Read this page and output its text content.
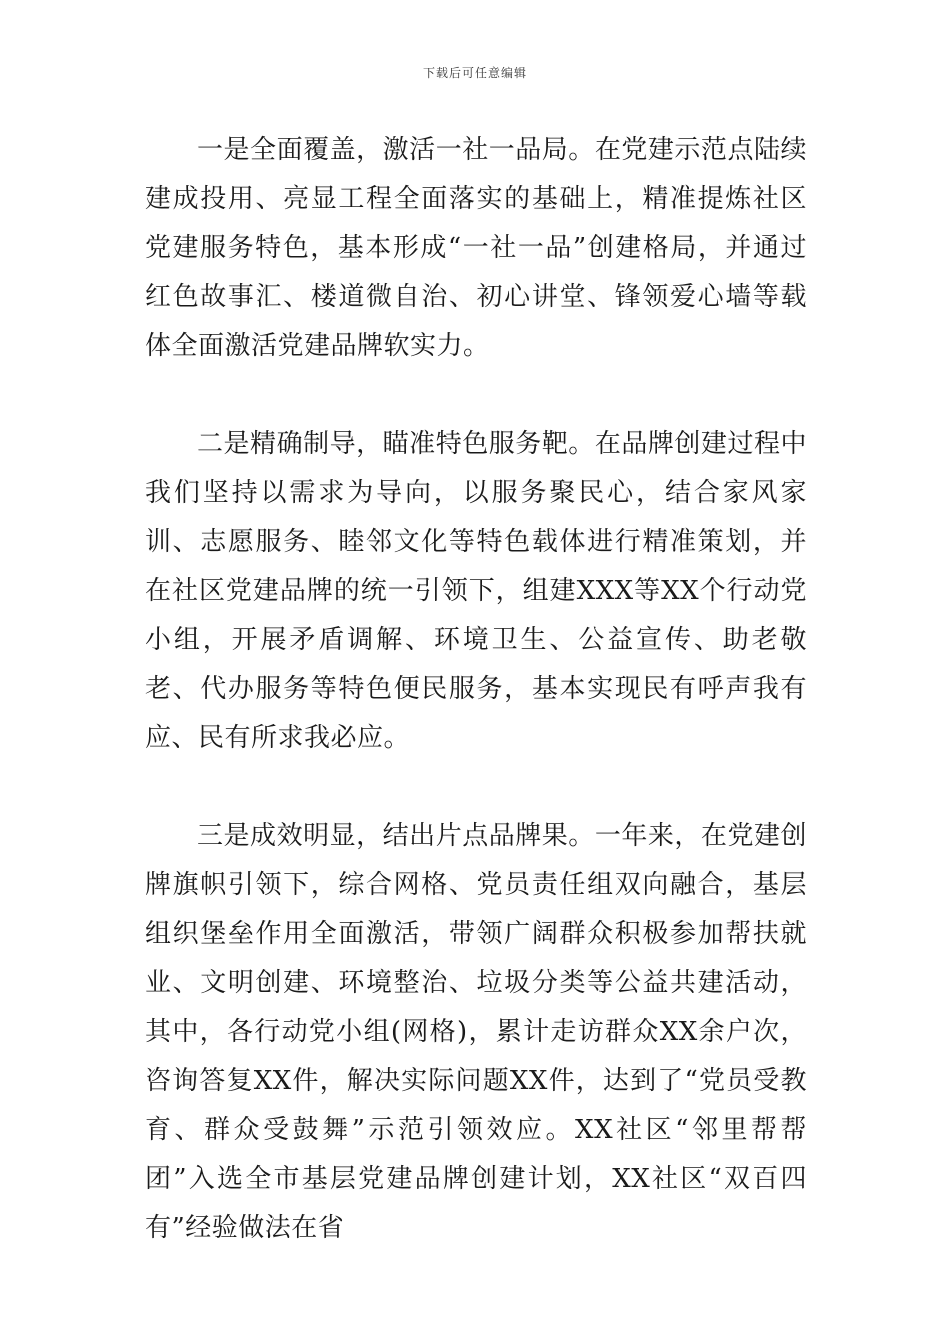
下载后可任意编辑

一是全面覆盖，激活一社一品局。在党建示范点陆续建成投用、亮显工程全面落实的基础上，精准提炼社区党建服务特色，基本形成“一社一品”创建格局，并通过红色故事汇、楼道微自治、初心讲堂、锋领爱心墙等载体全面激活党建品牌软实力。

二是精确制导，瞄准特色服务靶。在品牌创建过程中我们坚持以需求为导向，以服务聚民心，结合家风家训、志愿服务、睦邻文化等特色载体进行精准策划，并在社区党建品牌的统一引领下，组建XXX等XX个行动党小组，开展矛盾调解、环境卫生、公益宣传、助老敬老、代办服务等特色便民服务，基本实现民有呼声我有应、民有所求我必应。

三是成效明显，结出片点品牌果。一年来，在党建创牌旗帜引领下，综合网格、党员责任组双向融合，基层组织堡垒作用全面激活，带领广阔群众积极参加帮扶就业、文明创建、环境整治、垃圾分类等公益共建活动，其中，各行动党小组(网格)，累计走访群众XX余户次，咨询答复XX件，解决实际问题XX件，达到了“党员受教育、群众受鼓舞”示范引领效应。XX社区“邻里帮帮团”入选全市基层党建品牌创建计划，XX社区“双百四有”经验做法在省
